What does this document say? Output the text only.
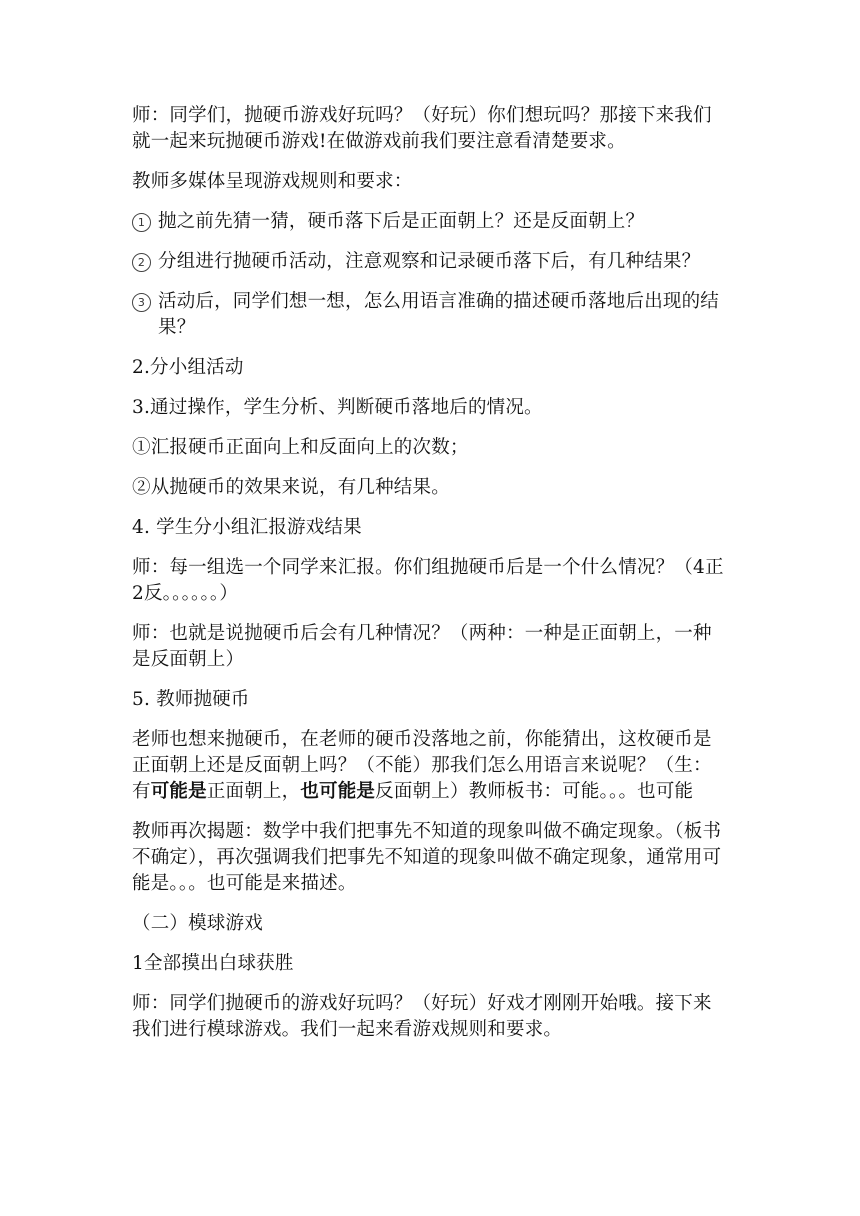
师：同学们，抛硬币游戏好玩吗？（好玩）你们想玩吗？那接下来我们就一起来玩抛硬币游戏!在做游戏前我们要注意看清楚要求。

教师多媒体呈现游戏规则和要求：

1 抛之前先猜一猜，硬币落下后是正面朝上？还是反面朝上？
2 分组进行抛硬币活动，注意观察和记录硬币落下后，有几种结果？
3 活动后，同学们想一想，怎么用语言准确的描述硬币落地后出现的结果？

2.分小组活动

3.通过操作，学生分析、判断硬币落地后的情况。

①汇报硬币正面向上和反面向上的次数；

②从抛硬币的效果来说，有几种结果。

4. 学生分小组汇报游戏结果

师：每一组选一个同学来汇报。你们组抛硬币后是一个什么情况？（4正2反。。。。。。）

师：也就是说抛硬币后会有几种情况？（两种：一种是正面朝上，一种是反面朝上）

5. 教师抛硬币

老师也想来抛硬币，在老师的硬币没落地之前，你能猜出，这枚硬币是正面朝上还是反面朝上吗？（不能）那我们怎么用语言来说呢？（生：有可能是正面朝上，也可能是反面朝上）教师板书：可能。。。也可能

教师再次揭题：数学中我们把事先不知道的现象叫做不确定现象。（板书不确定），再次强调我们把事先不知道的现象叫做不确定现象，通常用可能是。。。也可能是来描述。

（二）模球游戏

1全部摸出白球获胜

师：同学们抛硬币的游戏好玩吗？（好玩）好戏才刚刚开始哦。接下来我们进行模球游戏。我们一起来看游戏规则和要求。
